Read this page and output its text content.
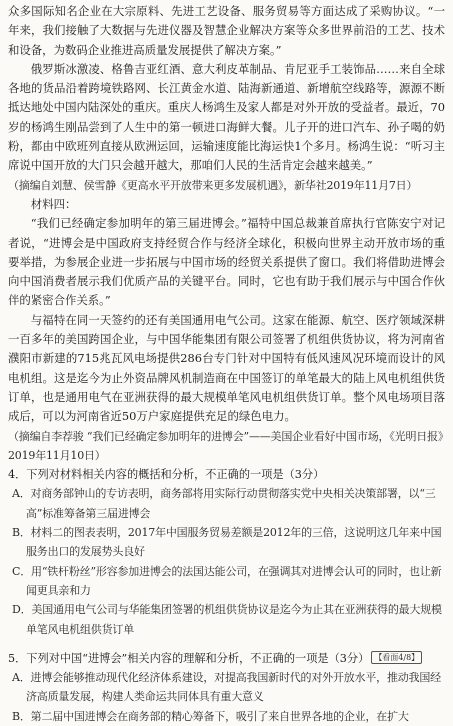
众多国际知名企业在大宗原料、先进工艺设备、服务贸易等方面达成了采购协议。“一年来，我们接触了大数据与先进仪器及智慧企业解决方案等众多世界前沿的工艺、技术和设备，为数码企业推进高质量发展提供了解决方案。”

俄罗斯冰激凌、格鲁吉亚红酒、意大利皮革制品、肯尼亚手工装饰品……来自全球各地的货品沿着跨境铁路网、长江黄金水道、陆海新通道、新增航空线路等，源源不断抵达地处中国内陆深处的重庆。重庆人杨鸿生及家人都是对外开放的受益者。最近，70岁的杨鸿生刚品尝到了人生中的第一顿进口海鲜大餐。儿子开的进口汽车、孙子喝的奶粉，都由中欧班列直接从欧洲运回，运输速度能比海运快1个多月。杨鸿生说：“听习主席说中国开放的大门只会越开越大，那咱们人民的生活肯定会越来越美。”

（摘编自刘慧、侯雪静《更高水平开放带来更多发展机遇》，新华社2019年11月7日）

材料四：

“我们已经确定参加明年的第三届进博会。”福特中国总裁兼首席执行官陈安宁对记者说，“进博会是中国政府支持经贸合作与经济全球化，积极向世界主动开放市场的重要举措，为参展企业进一步拓展与中国市场的经贸关系提供了窗口。我们将借助进博会向中国消费者展示我们优质产品的关键平台。同时，它也有助于我们展示与中国合作伙伴的紧密合作关系。”

与福特在同一天签约的还有美国通用电气公司。这家在能源、航空、医疗领域深耕一百多年的美国跨国企业，与中国华能集团有限公司签署了机组供货协议，将为河南省濮阳市新建的715兆瓦风电场提供286台专门针对中国特有低风速风况环境而设计的风电机组。这是迄今为止外资品牌风机制造商在中国签订的单笔最大的陆上风电机组供货订单，也是通用电气在亚洲获得的最大规模单笔风电机组供货订单。整个风电场项目落成后，可以为河南省近50万户家庭提供充足的绿色电力。

（摘编自李荐骏 “我们已经确定参加明年的进博会”——美国企业看好中国市场，《光明日报》2019年11月10日）

4．下列对材料相关内容的概括和分析，不正确的一项是（3分）

A．对商务部钟山的专访表明，商务部将用实际行动贯彻落实党中央相关决策部署，以“三高”标准筹备第三届进博会

B．材料二的图表表明，2017年中国服务贸易差额是2012年的三倍，这说明这几年来中国服务出口的发展势头良好

C．用“铁杆粉丝”形容参加进博会的法国达能公司，在强调其对进博会认可的同时，也让新闻更具亲和力

D．美国通用电气公司与华能集团签署的机组供货协议是迄今为止其在亚洲获得的最大规模单笔风电机组供货订单

5．下列对中国“进博会”相关内容的理解和分析，不正确的一项是（3分） 【看面4/8】

A．进博会能够推动现代化经济体系建设，对提高我国新时代的对外开放水平，推动我国经济高质量发展，构建人类命运共同体具有重大意义

B．第二届中国进博会在商务部的精心筹备下，吸引了来自世界各地的企业，在扩大
